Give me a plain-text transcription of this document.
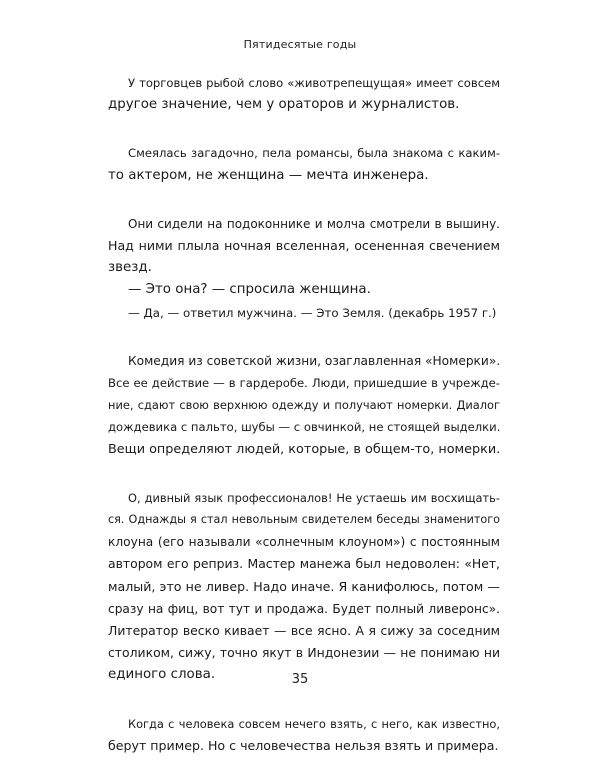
Пятидесятые годы

У торговцев рыбой слово «животрепещущая» имеет совсем
другое значение, чем у ораторов и журналистов.

Смеялась загадочно, пела романсы, была знакома с каким-
то актером, не женщина — мечта инженера.

Они сидели на подоконнике и молча смотрели в вышину.
Над ними плыла ночная вселенная, осененная свечением
звезд.
— Это она? — спросила женщина.
— Да, — ответил мужчина. — Это Земля. (декабрь 1957 г.)

Комедия из советской жизни, озаглавленная «Номерки».
Все ее действие — в гардеробе. Люди, пришедшие в учрежде-
ние, сдают свою верхнюю одежду и получают номерки. Диалог
дождевика с пальто, шубы — с овчинкой, не стоящей выделки.
Вещи определяют людей, которые, в общем-то, номерки.

О, дивный язык профессионалов! Не устаешь им восхищать-
ся. Однажды я стал невольным свидетелем беседы знаменитого
клоуна (его называли «солнечным клоуном») с постоянным
автором его реприз. Мастер манежа был недоволен: «Нет,
малый, это не ливер. Надо иначе. Я канифолюсь, потом —
сразу на фиц, вот тут и продажа. Будет полный ливеронс».
Литератор веско кивает — все ясно. А я сижу за соседним
столиком, сижу, точно якут в Индонезии — не понимаю ни
единого слова.

Когда с человека совсем нечего взять, с него, как известно,
берут пример. Но с человечества нельзя взять и примера.

35
